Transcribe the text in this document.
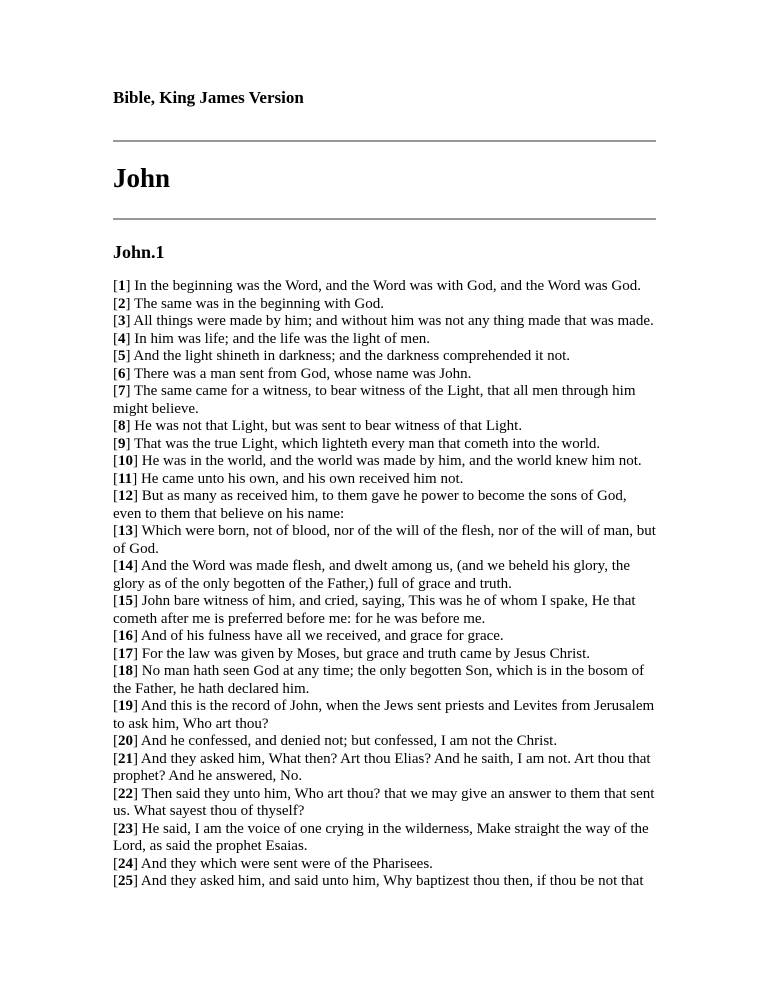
Bible, King James Version
John
John.1
[1] In the beginning was the Word, and the Word was with God, and the Word was God.
[2] The same was in the beginning with God.
[3] All things were made by him; and without him was not any thing made that was made.
[4] In him was life; and the life was the light of men.
[5] And the light shineth in darkness; and the darkness comprehended it not.
[6] There was a man sent from God, whose name was John.
[7] The same came for a witness, to bear witness of the Light, that all men through him might believe.
[8] He was not that Light, but was sent to bear witness of that Light.
[9] That was the true Light, which lighteth every man that cometh into the world.
[10] He was in the world, and the world was made by him, and the world knew him not.
[11] He came unto his own, and his own received him not.
[12] But as many as received him, to them gave he power to become the sons of God, even to them that believe on his name:
[13] Which were born, not of blood, nor of the will of the flesh, nor of the will of man, but of God.
[14] And the Word was made flesh, and dwelt among us, (and we beheld his glory, the glory as of the only begotten of the Father,) full of grace and truth.
[15] John bare witness of him, and cried, saying, This was he of whom I spake, He that cometh after me is preferred before me: for he was before me.
[16] And of his fulness have all we received, and grace for grace.
[17] For the law was given by Moses, but grace and truth came by Jesus Christ.
[18] No man hath seen God at any time; the only begotten Son, which is in the bosom of the Father, he hath declared him.
[19] And this is the record of John, when the Jews sent priests and Levites from Jerusalem to ask him, Who art thou?
[20] And he confessed, and denied not; but confessed, I am not the Christ.
[21] And they asked him, What then? Art thou Elias? And he saith, I am not. Art thou that prophet? And he answered, No.
[22] Then said they unto him, Who art thou? that we may give an answer to them that sent us. What sayest thou of thyself?
[23] He said, I am the voice of one crying in the wilderness, Make straight the way of the Lord, as said the prophet Esaias.
[24] And they which were sent were of the Pharisees.
[25] And they asked him, and said unto him, Why baptizest thou then, if thou be not that
